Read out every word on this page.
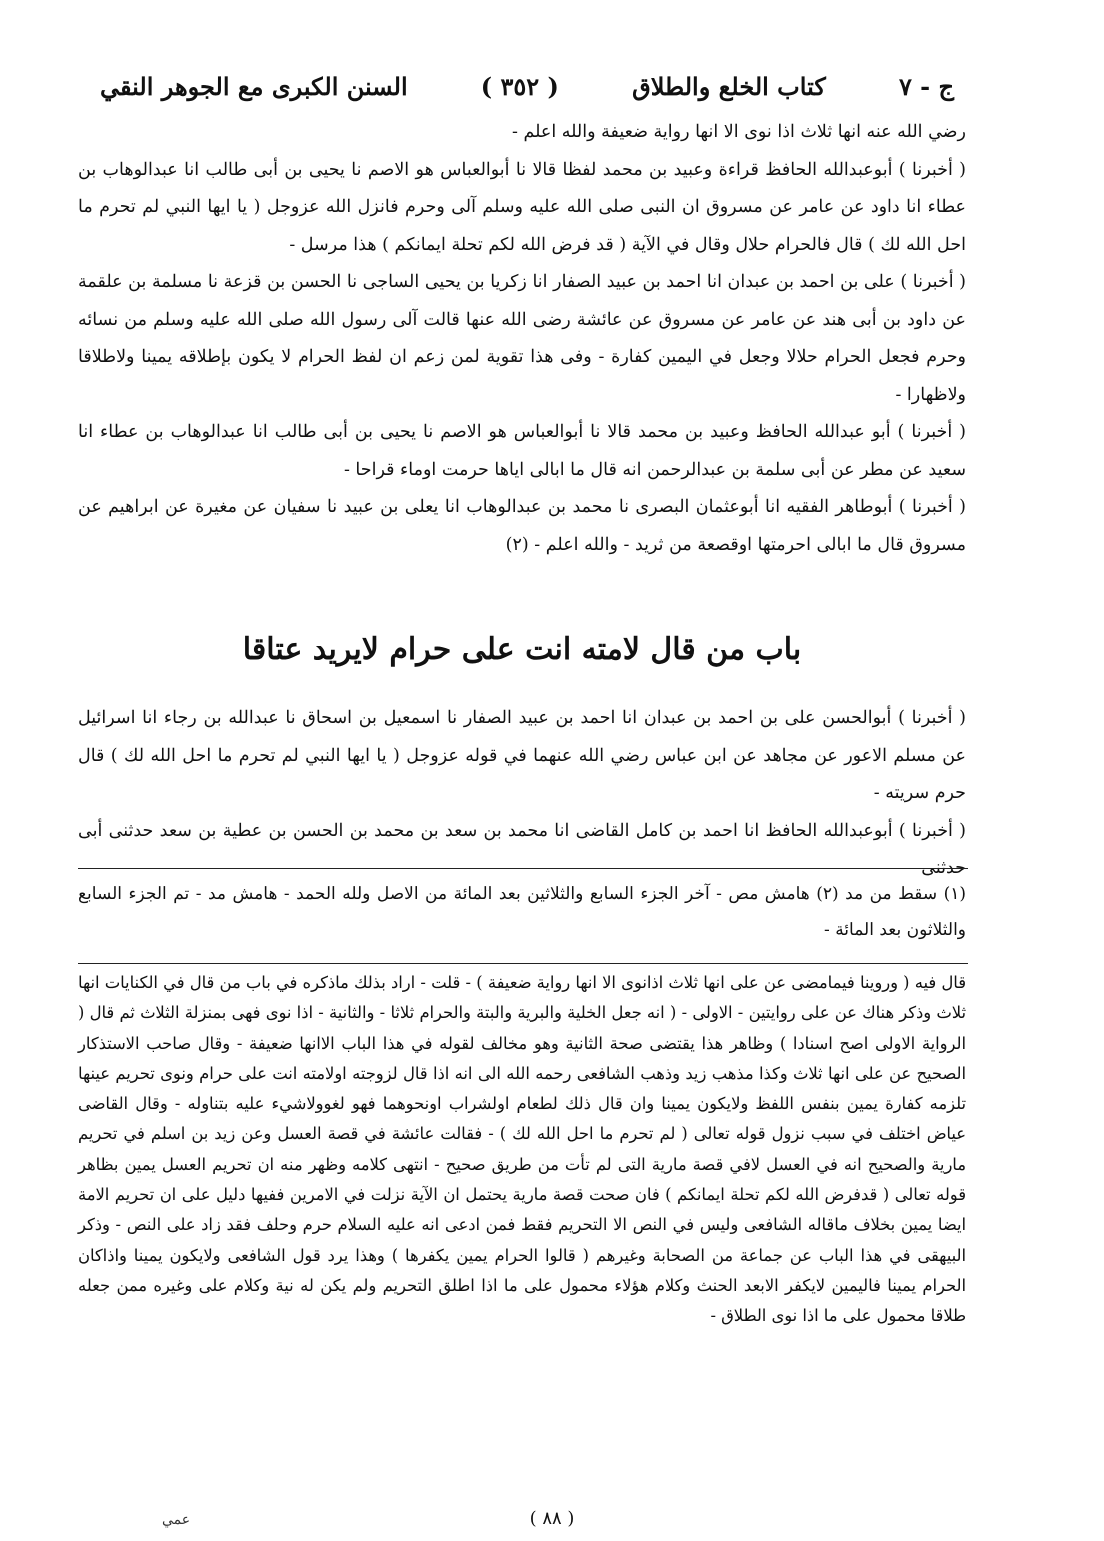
السنن الكبرى مع الجوهر النقي	( ٣٥٢ )	كتاب الخلع والطلاق	ج - ٧

رضي الله عنه انها ثلاث اذا نوى الا انها رواية ضعيفة والله اعلم -

( أخبرنا ) أبوعبدالله الحافظ قراءة وعبيد بن محمد لفظا قالا نا أبوالعباس هو الاصم نا يحيى بن أبى طالب انا عبدالوهاب بن عطاء انا داود عن عامر عن مسروق ان النبى صلى الله عليه وسلم آلى وحرم فانزل الله عزوجل ( يا ايها النبي لم تحرم ما احل الله لك ) قال فالحرام حلال وقال في الآية ( قد فرض الله لكم تحلة ايمانكم ) هذا مرسل -

( أخبرنا ) على بن احمد بن عبدان انا احمد بن عبيد الصفار انا زكريا بن يحيى الساجى نا الحسن بن قزعة نا مسلمة بن علقمة عن داود بن أبى هند عن عامر عن مسروق عن عائشة رضى الله عنها قالت آلى رسول الله صلى الله عليه وسلم من نسائه وحرم فجعل الحرام حلالا وجعل في اليمين كفارة - وفى هذا تقوية لمن زعم ان لفظ الحرام لا يكون بإطلاقه يمينا ولاطلاقا ولاظهارا -

( أخبرنا ) أبو عبدالله الحافظ وعبيد بن محمد قالا نا أبوالعباس هو الاصم نا يحيى بن أبى طالب انا عبدالوهاب بن عطاء انا سعيد عن مطر عن أبى سلمة بن عبدالرحمن انه قال ما ابالى اياها حرمت اوماء قراحا -

( أخبرنا ) أبوطاهر الفقيه انا أبوعثمان البصرى نا محمد بن عبدالوهاب انا يعلى بن عبيد نا سفيان عن مغيرة عن ابراهيم عن مسروق قال ما ابالى احرمتها اوقصعة من ثريد - والله اعلم - (٢)

باب من قال لامته انت على حرام لايريد عتاقا

( أخبرنا ) أبوالحسن على بن احمد بن عبدان انا احمد بن عبيد الصفار نا اسمعيل بن اسحاق نا عبدالله بن رجاء انا اسرائيل عن مسلم الاعور عن مجاهد عن ابن عباس رضي الله عنهما في قوله عزوجل ( يا ايها النبي لم تحرم ما احل الله لك ) قال حرم سريته -

( أخبرنا ) أبوعبدالله الحافظ انا احمد بن كامل القاضى انا محمد بن سعد بن محمد بن الحسن بن عطية بن سعد حدثنى أبى حدثنى

(١) سقط من مد (٢) هامش مص - آخر الجزء السابع والثلاثين بعد المائة من الاصل ولله الحمد - هامش مد - تم الجزء السابع والثلاثون بعد المائة -

قال فيه ( وروينا فيمامضى عن على انها ثلاث اذانوى الا انها رواية ضعيفة ) - قلت - اراد بذلك ماذكره في باب من قال في الكنايات انها ثلاث وذكر هناك عن على روايتين - الاولى - ( انه جعل الخلية والبرية والبتة والحرام ثلاثا - والثانية - اذا نوى فهى بمنزلة الثلاث ثم قال ( الرواية الاولى اصح اسنادا ) وظاهر هذا يقتضى صحة الثانية وهو مخالف لقوله في هذا الباب الاانها ضعيفة - وقال صاحب الاستذكار الصحيح عن على انها ثلاث وكذا مذهب زيد وذهب الشافعى رحمه الله الى انه اذا قال لزوجته اولامته انت على حرام ونوى تحريم عينها تلزمه كفارة يمين بنفس اللفظ ولايكون يمينا وان قال ذلك لطعام اولشراب اونحوهما فهو لغوولاشيء عليه بتناوله - وقال القاضى عياض اختلف في سبب نزول قوله تعالى ( لم تحرم ما احل الله لك ) - فقالت عائشة في قصة العسل وعن زيد بن اسلم في تحريم مارية والصحيح انه في العسل لافي قصة مارية التى لم تأت من طريق صحيح - انتهى كلامه وظهر منه ان تحريم العسل يمين بظاهر قوله تعالى ( قدفرض الله لكم تحلة ايمانكم ) فان صحت قصة مارية يحتمل ان الآية نزلت في الامرين ففيها دليل على ان تحريم الامة ايضا يمين بخلاف ماقاله الشافعى وليس في النص الا التحريم فقط فمن ادعى انه عليه السلام حرم وحلف فقد زاد على النص - وذكر البيهقى في هذا الباب عن جماعة من الصحابة وغيرهم ( قالوا الحرام يمين يكفرها ) وهذا يرد قول الشافعى ولايكون يمينا واذاكان الحرام يمينا فاليمين لايكفر الابعد الحنث وكلام هؤلاء محمول على ما اذا اطلق التحريم ولم يكن له نية وكلام على وغيره ممن جعله طلاقا محمول على ما اذا نوى الطلاق -

( ٨٨ )
عمي
